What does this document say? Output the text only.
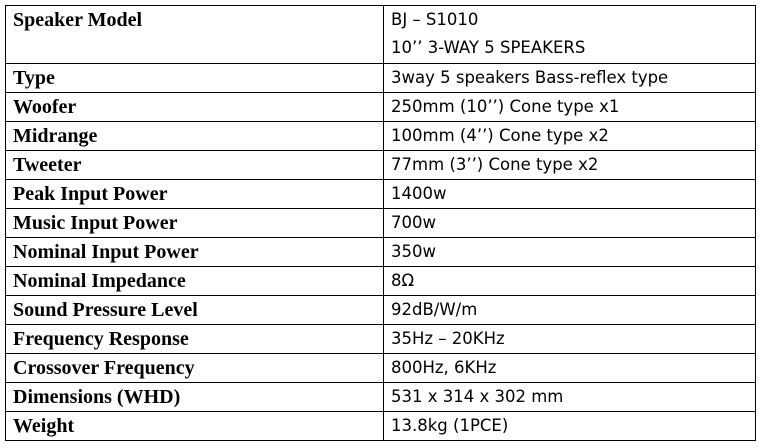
Speaker Model	BJ – S1010
10’’ 3-WAY 5 SPEAKERS

Type	3way 5 speakers Bass-reflex type
Woofer	250mm (10’’) Cone type x1
Midrange	100mm (4’’) Cone type x2
Tweeter	77mm (3’’) Cone type x2
Peak Input Power	1400w
Music Input Power	700w
Nominal Input Power	350w
Nominal Impedance	8Ω
Sound Pressure Level	92dB/W/m
Frequency Response	35Hz – 20KHz
Crossover Frequency	800Hz, 6KHz
Dimensions (WHD)	531 x 314 x 302 mm
Weight	13.8kg (1PCE)
